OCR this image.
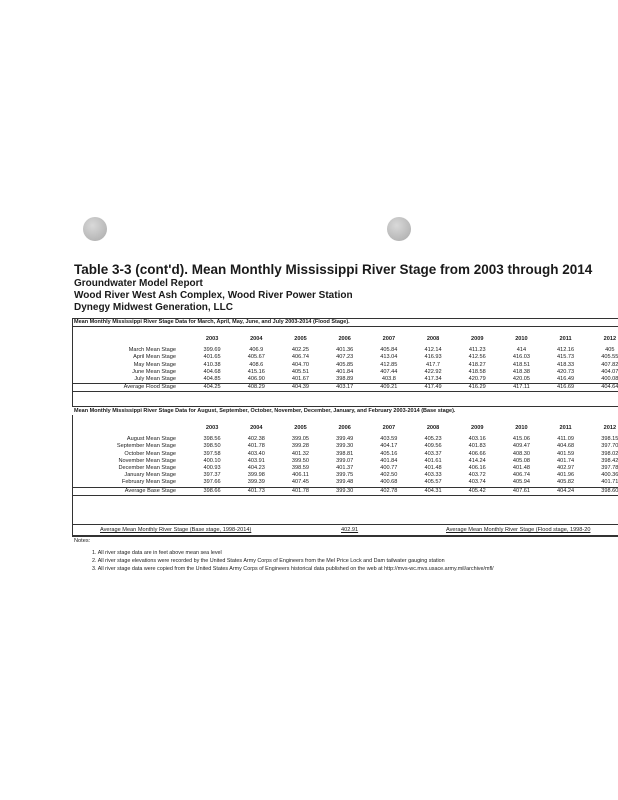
Table 3-3 (cont'd). Mean Monthly Mississippi River Stage from 2003 through 2014
Groundwater Model Report
Wood River West Ash Complex, Wood River Power Station
Dynegy Midwest Generation, LLC
Mean Monthly Mississippi River Stage Data for March, April, May, June, and July 2003-2014 (Flood Stage).
Mean Monthly Mississippi River Stage Data for August, September, October, November, December, January, and February 2003-2014 (Base stage).
	2003	2004	2005	2006	2007	2008	2009	2010	2011	2012

March Mean Stage	399.69	406.9	402.25	401.36	405.84	412.14	411.23	414	412.16	405
April Mean Stage	401.65	405.67	406.74	407.23	413.04	416.93	412.56	416.03	415.73	405.55
May Mean Stage	410.38	408.6	404.70	405.85	412.85	417.7	418.27	418.51	418.33	407.82
June Mean Stage	404.68	415.16	405.51	401.84	407.44	422.92	418.58	418.38	420.73	404.07
July Mean Stage	404.85	406.90	401.67	398.89	403.8	417.34	420.79	420.05	416.49	400.08
Average Flood Stage	404.25	408.29	404.39	403.17	409.21	417.49	416.29	417.11	416.69	404.64
	2003	2004	2005	2006	2007	2008	2009	2010	2011	2012

August Mean Stage	398.56	402.38	399.05	399.49	403.59	405.23	403.16	415.06	411.09	398.15
September Mean Stage	398.50	401.78	399.28	399.30	404.17	409.56	401.83	409.47	404.68	397.70
October Mean Stage	397.58	403.40	401.32	398.81	405.16	403.37	406.66	408.30	401.59	398.02
November Mean Stage	400.10	403.91	399.50	399.07	401.84	401.61	414.24	405.08	401.74	398.42
December Mean Stage	400.93	404.23	398.59	401.37	400.77	401.48	406.16	401.48	402.97	397.78
January Mean Stage	397.37	399.98	406.11	399.75	402.50	403.33	403.72	406.74	401.96	400.36
February Mean Stage	397.66	399.39	407.45	399.48	400.68	405.57	403.74	405.94	405.82	401.71
Average Base Stage	398.66	401.73	401.78	399.30	402.78	404.31	405.42	407.61	404.24	398.60
Average Mean Monthly River Stage (Base stage, 1998-2014)	402.91	Average Mean Monthly River Stage (Flood stage, 1998-20
Notes:
1. All river stage data are in feet above mean sea level
2. All river stage elevations were recorded by the United States Army Corps of Engineers from the Mel Price Lock and Dam tailwater gauging station
3. All river stage data were copied from the United States Army Corps of Engineers historical data published on the web at http://mvs-wc.mvs.usace.army.mil/archive/mfl/
